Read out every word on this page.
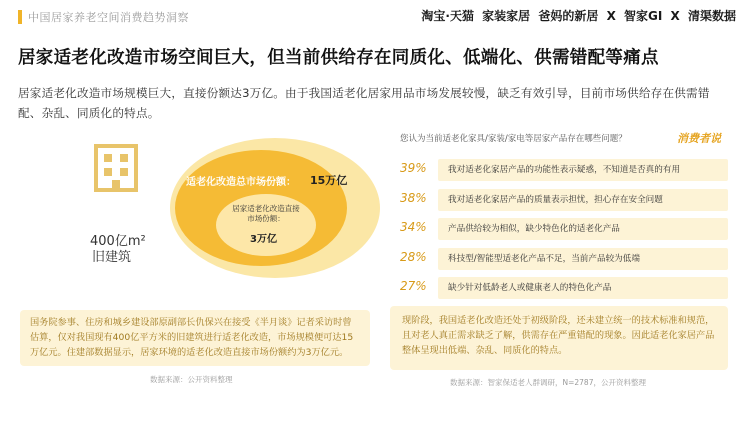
中国居家养老空间消费趋势洞察	淘宝·天猫 家装家居 爸妈的新居 X 智家GI X 清渠数据
居家适老化改造市场空间巨大，但当前供给存在同质化、低端化、供需错配等痛点
居家适老化改造市场规模巨大，直接份额达3万亿。由于我国适老化居家用品市场发展较慢，缺乏有效引导，目前市场供给存在供需错配、杂乱、同质化的特点。
400亿m²
旧建筑
适老化改造总市场份额： 15万亿
居家适老化改造直接市场份额：
3万亿
国务院参事、住房和城乡建设部原副部长仇保兴在接受《半月谈》记者采访时曾估算，仅对我国现有400亿平方米的旧建筑进行适老化改造，市场规模便可达15万亿元。住建部数据显示，居家环境的适老化改造直接市场份额约为3万亿元。
数据来源：公开资料整理
您认为当前适老化家具/家装/家电等居家产品存在哪些问题？	消费者说
39% 我对适老化家居产品的功能性表示疑惑，不知道是否真的有用
38% 我对适老化家居产品的质量表示担忧，担心存在安全问题
34% 产品供给较为相似，缺少特色化的适老化产品
28% 科技型/智能型适老化产品不足，当前产品较为低端
27% 缺少针对低龄老人或健康老人的特色化产品
现阶段，我国适老化改造还处于初级阶段，还未建立统一的技术标准和规范，且对老人真正需求缺乏了解，供需存在严重错配的现象。因此适老化家居产品整体呈现出低端、杂乱、同质化的特点。
数据来源：智家保适老人群调研，N=2787，公开资料整理
